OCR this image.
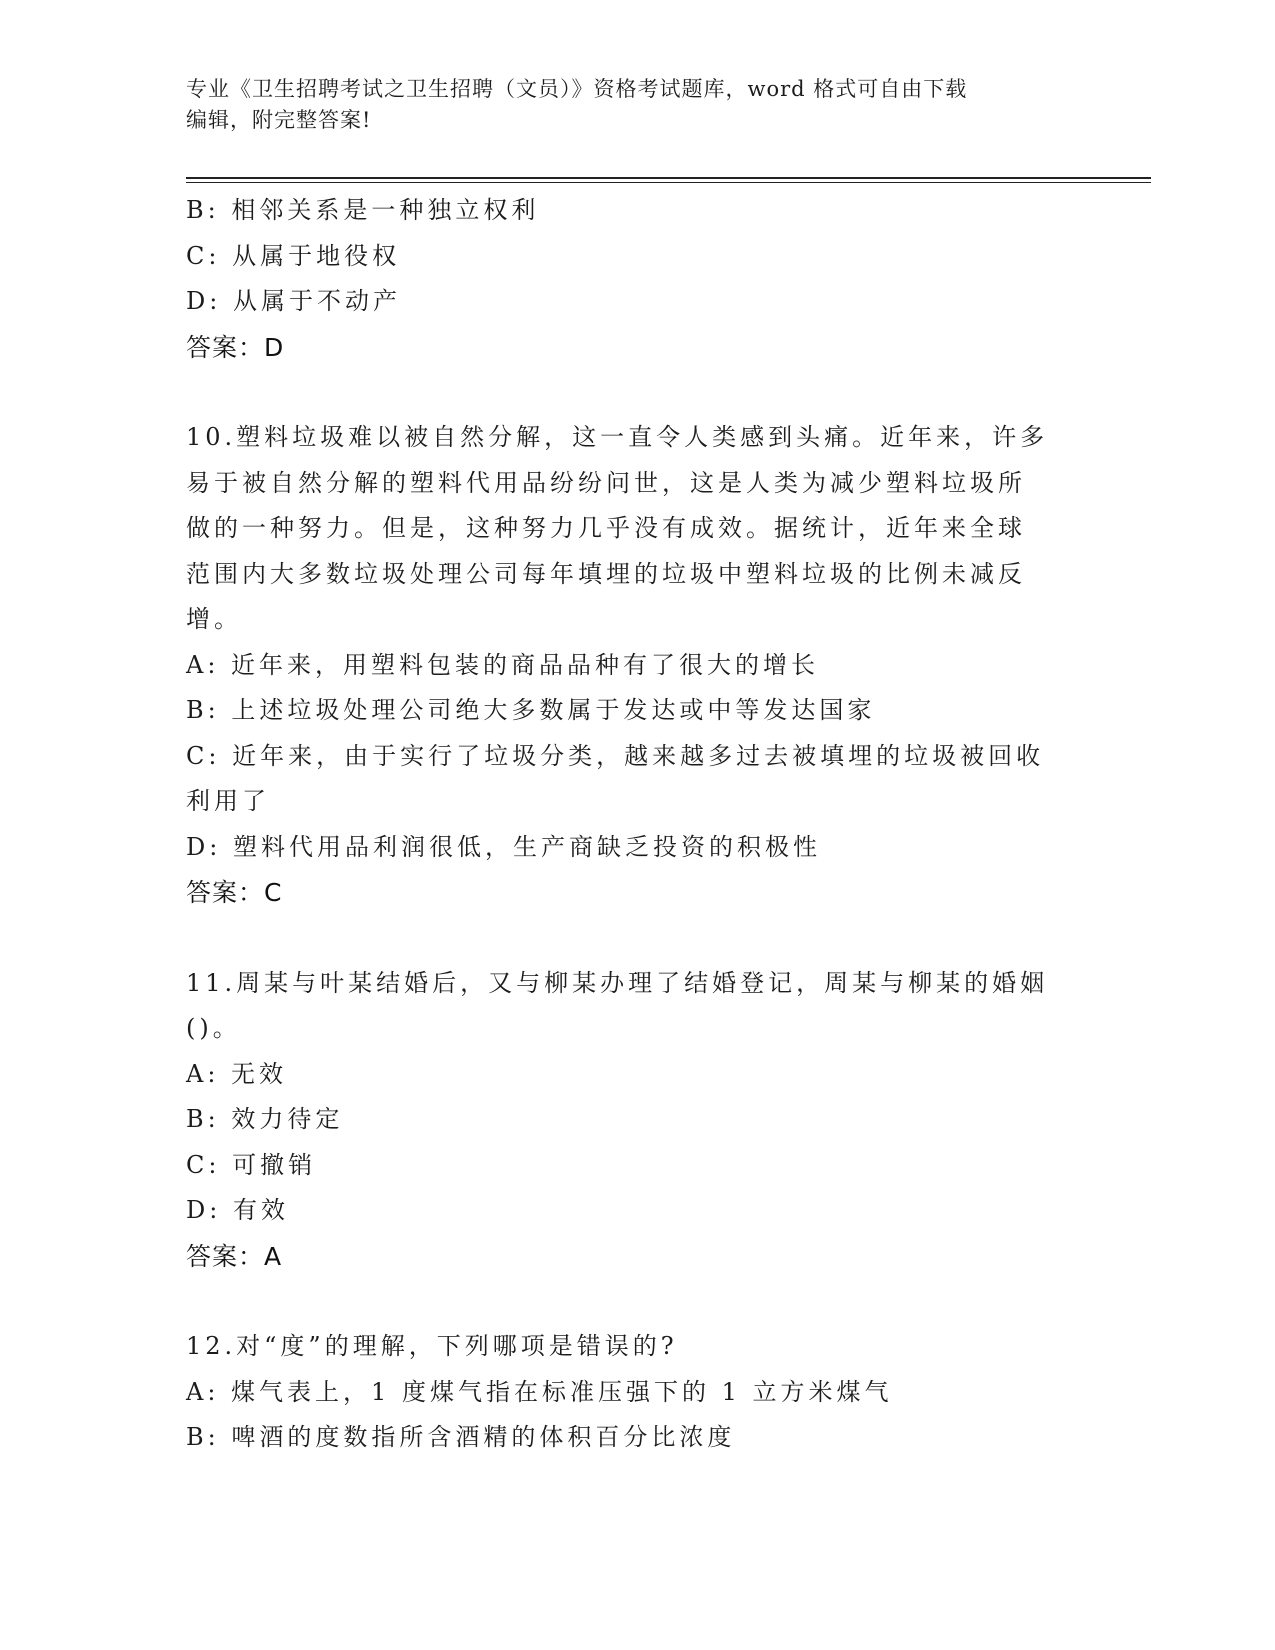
专业《卫生招聘考试之卫生招聘（文员）》资格考试题库，word 格式可自由下载
编辑，附完整答案!
B: 相邻关系是一种独立权利
C: 从属于地役权
D: 从属于不动产
答案：D
10.塑料垃圾难以被自然分解，这一直令人类感到头痛。近年来，许多
易于被自然分解的塑料代用品纷纷问世，这是人类为减少塑料垃圾所
做的一种努力。但是，这种努力几乎没有成效。据统计，近年来全球
范围内大多数垃圾处理公司每年填埋的垃圾中塑料垃圾的比例未减反
增。
A: 近年来，用塑料包装的商品品种有了很大的增长
B: 上述垃圾处理公司绝大多数属于发达或中等发达国家
C: 近年来，由于实行了垃圾分类，越来越多过去被填埋的垃圾被回收
利用了
D: 塑料代用品利润很低，生产商缺乏投资的积极性
答案：C
11.周某与叶某结婚后，又与柳某办理了结婚登记，周某与柳某的婚姻
()。
A: 无效
B: 效力待定
C: 可撤销
D: 有效
答案：A
12.对“度”的理解，下列哪项是错误的?
A: 煤气表上，1 度煤气指在标准压强下的 1 立方米煤气
B: 啤酒的度数指所含酒精的体积百分比浓度
